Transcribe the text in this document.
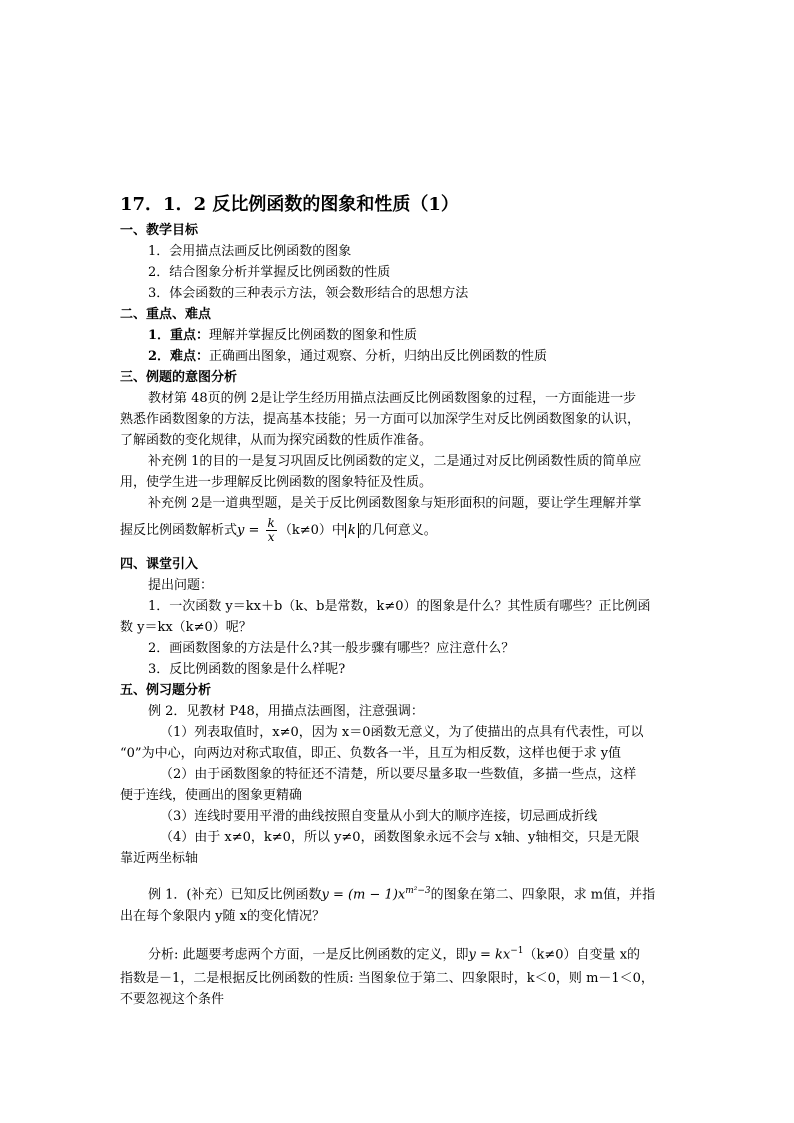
17．1．2 反比例函数的图象和性质（1）
一、教学目标
1．会用描点法画反比例函数的图象
2．结合图象分析并掌握反比例函数的性质
3．体会函数的三种表示方法，领会数形结合的思想方法
二、重点、难点
1．重点：理解并掌握反比例函数的图象和性质
2．难点：正确画出图象，通过观察、分析，归纳出反比例函数的性质
三、例题的意图分析
教材第 48页的例 2是让学生经历用描点法画反比例函数图象的过程，一方面能进一步
熟悉作函数图象的方法，提高基本技能；另一方面可以加深学生对反比例函数图象的认识，
了解函数的变化规律，从而为探究函数的性质作准备。
补充例 1的目的一是复习巩固反比例函数的定义，二是通过对反比例函数性质的简单应
用，使学生进一步理解反比例函数的图象特征及性质。
补充例 2是一道典型题，是关于反比例函数图象与矩形面积的问题，要让学生理解并掌
握反比例函数解析式$y = \frac{k}{x} (k\ne 0)$中 k 的几何意义。
四、课堂引入
提出问题：
1．一次函数 y＝kx＋b（k、b是常数，k≠0）的图象是什么？其性质有哪些？正比例函
数 y＝kx（k≠0）呢？
2．画函数图象的方法是什么?其一般步骤有哪些？应注意什么？
3．反比例函数的图象是什么样呢?
五、例习题分析
例 2．见教材 P48，用描点法画图，注意强调：
（1）列表取值时，x≠0，因为 x＝0函数无意义，为了使描出的点具有代表性，可以
“0”为中心，向两边对称式取值，即正、负数各一半，且互为相反数，这样也便于求 y值
（2）由于函数图象的特征还不清楚，所以要尽量多取一些数值，多描一些点，这样
便于连线，使画出的图象更精确
（3）连线时要用平滑的曲线按照自变量从小到大的顺序连接，切忌画成折线
（4）由于 x≠0，k≠0，所以 y≠0，函数图象永远不会与 x轴、y轴相交，只是无限
靠近两坐标轴
例 1．(补充）已知反比例函数$y = (m - 1)x^{m^2-3}$的图象在第二、四象限，求 m值，并指
出在每个象限内 y随 x的变化情况？
分析: 此题要考虑两个方面，一是反比例函数的定义，即$y = kx^{-1}(k\ne 0)$自变量 x的
指数是－1，二是根据反比例函数的性质: 当图象位于第二、四象限时，k＜0，则 m－1＜0，
不要忽视这个条件
